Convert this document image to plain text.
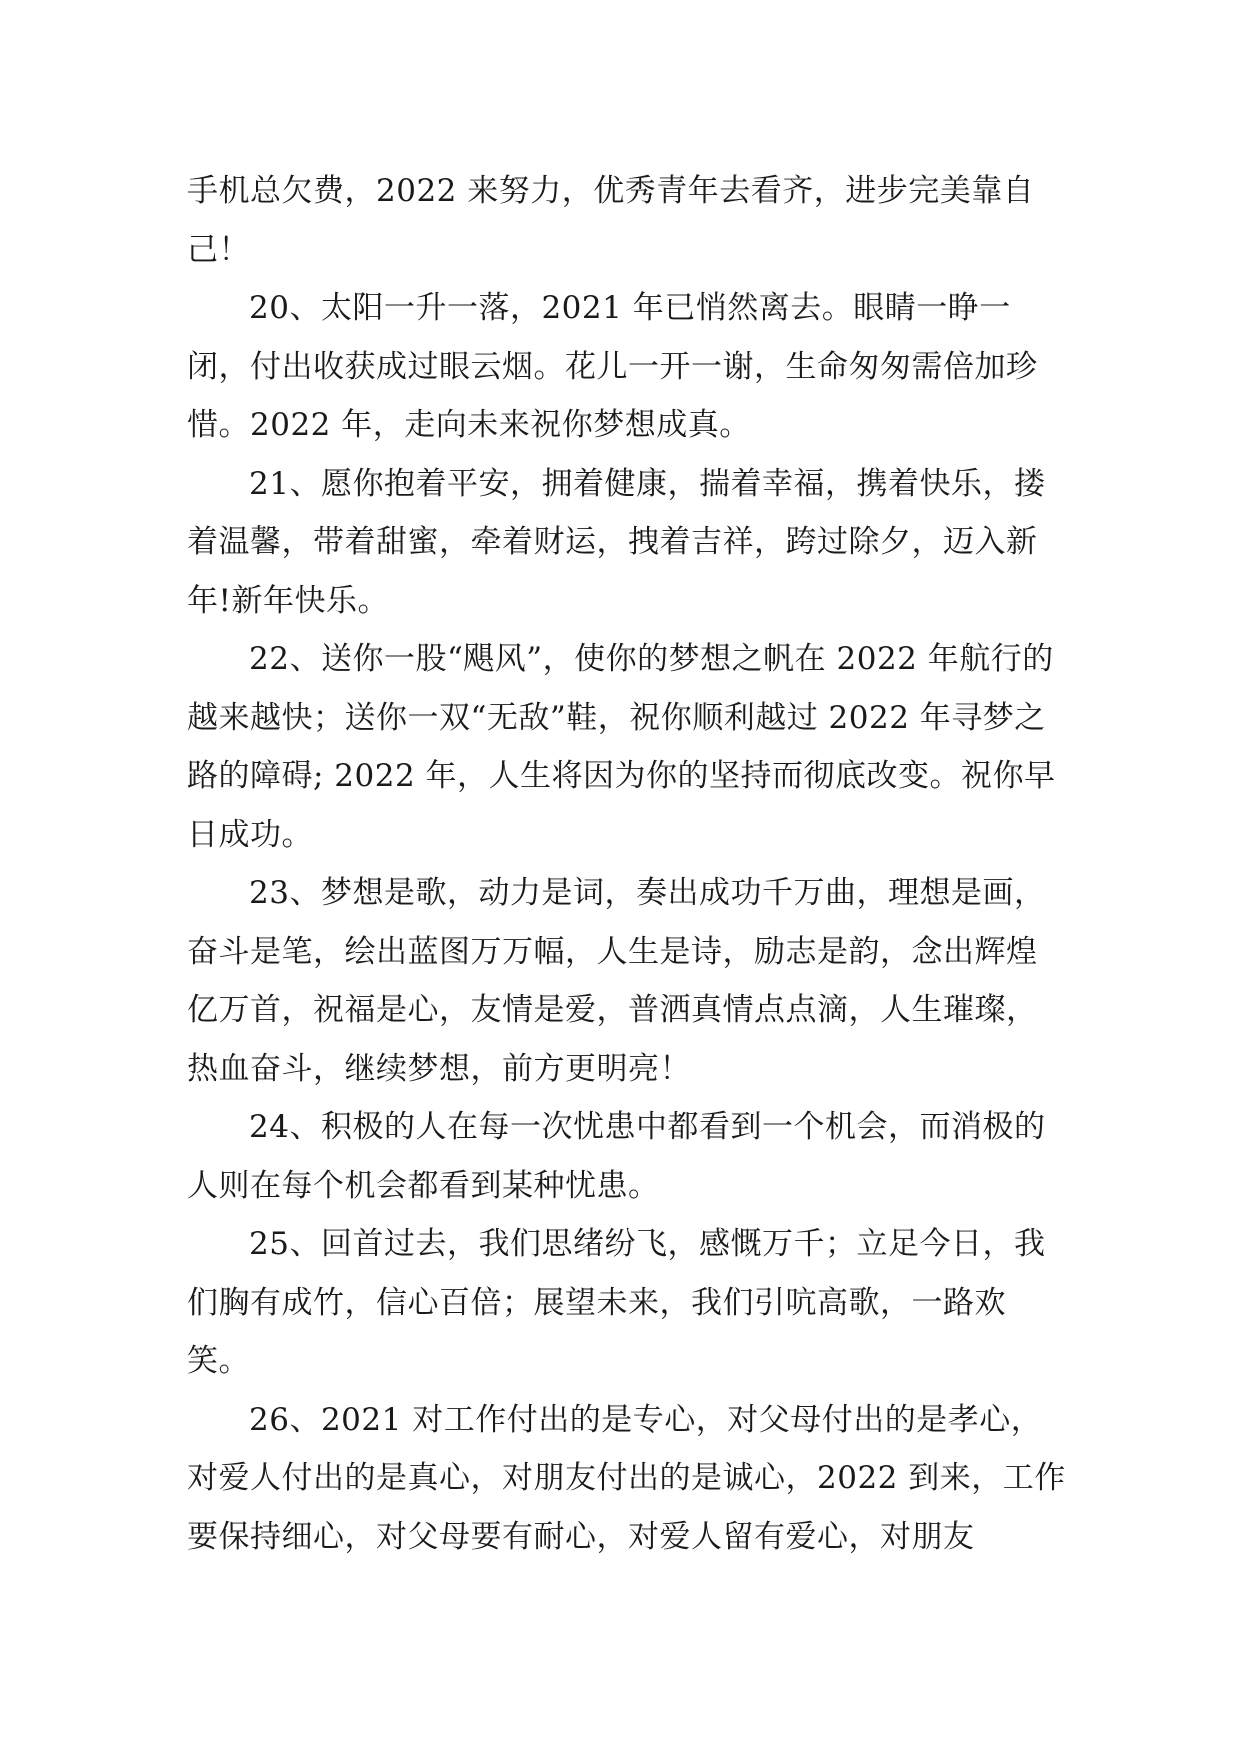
手机总欠费，2022 来努力，优秀青年去看齐，进步完美靠自己！

20、太阳一升一落，2021 年已悄然离去。眼睛一睁一闭，付出收获成过眼云烟。花儿一开一谢，生命匆匆需倍加珍惜。2022 年，走向未来祝你梦想成真。

21、愿你抱着平安，拥着健康，揣着幸福，携着快乐，搂着温馨，带着甜蜜，牵着财运，拽着吉祥，跨过除夕，迈入新年!新年快乐。

22、送你一股“飓风”，使你的梦想之帆在 2022 年航行的越来越快；送你一双“无敌”鞋，祝你顺利越过 2022 年寻梦之路的障碍; 2022 年，人生将因为你的坚持而彻底改变。祝你早日成功。

23、梦想是歌，动力是词，奏出成功千万曲，理想是画，奋斗是笔，绘出蓝图万万幅，人生是诗，励志是韵，念出辉煌亿万首，祝福是心，友情是爱，普洒真情点点滴，人生璀璨，热血奋斗，继续梦想，前方更明亮！

24、积极的人在每一次忧患中都看到一个机会，而消极的人则在每个机会都看到某种忧患。

25、回首过去，我们思绪纷飞，感慨万千；立足今日，我们胸有成竹，信心百倍；展望未来，我们引吭高歌，一路欢笑。

26、2021 对工作付出的是专心，对父母付出的是孝心，对爱人付出的是真心，对朋友付出的是诚心，2022 到来，工作要保持细心，对父母要有耐心，对爱人留有爱心，对朋友
